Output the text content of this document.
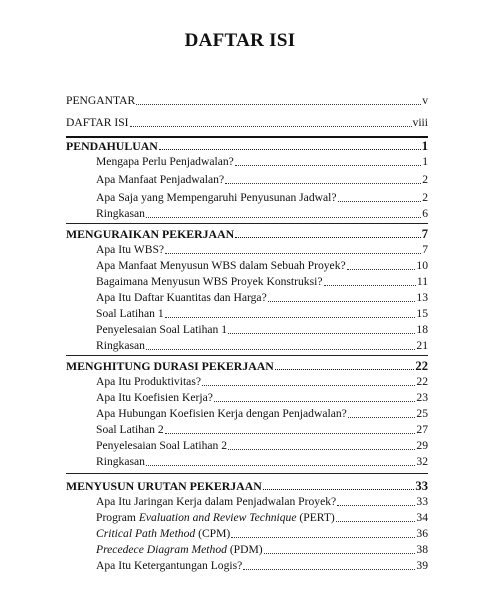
DAFTAR ISI
PENGANTAR	v
DAFTAR ISI	viii
PENDAHULUAN	1
Mengapa Perlu Penjadwalan?	1
Apa Manfaat Penjadwalan?	2
Apa Saja yang Mempengaruhi Penyusunan Jadwal?	2
Ringkasan	6
MENGURAIKAN PEKERJAAN	7
Apa Itu WBS?	7
Apa Manfaat Menyusun WBS dalam Sebuah Proyek?	10
Bagaimana Menyusun WBS Proyek Konstruksi?	11
Apa Itu Daftar Kuantitas dan Harga?	13
Soal Latihan 1	15
Penyelesaian Soal Latihan 1	18
Ringkasan	21
MENGHITUNG DURASI PEKERJAAN	22
Apa Itu Produktivitas?	22
Apa Itu Koefisien Kerja?	23
Apa Hubungan Koefisien Kerja dengan Penjadwalan?	25
Soal Latihan 2	27
Penyelesaian Soal Latihan 2	29
Ringkasan	32
MENYUSUN URUTAN PEKERJAAN	33
Apa Itu Jaringan Kerja dalam Penjadwalan Proyek?	33
Program Evaluation and Review Technique (PERT)	34
Critical Path Method (CPM)	36
Precedece Diagram Method (PDM)	38
Apa Itu Ketergantungan Logis?	39
